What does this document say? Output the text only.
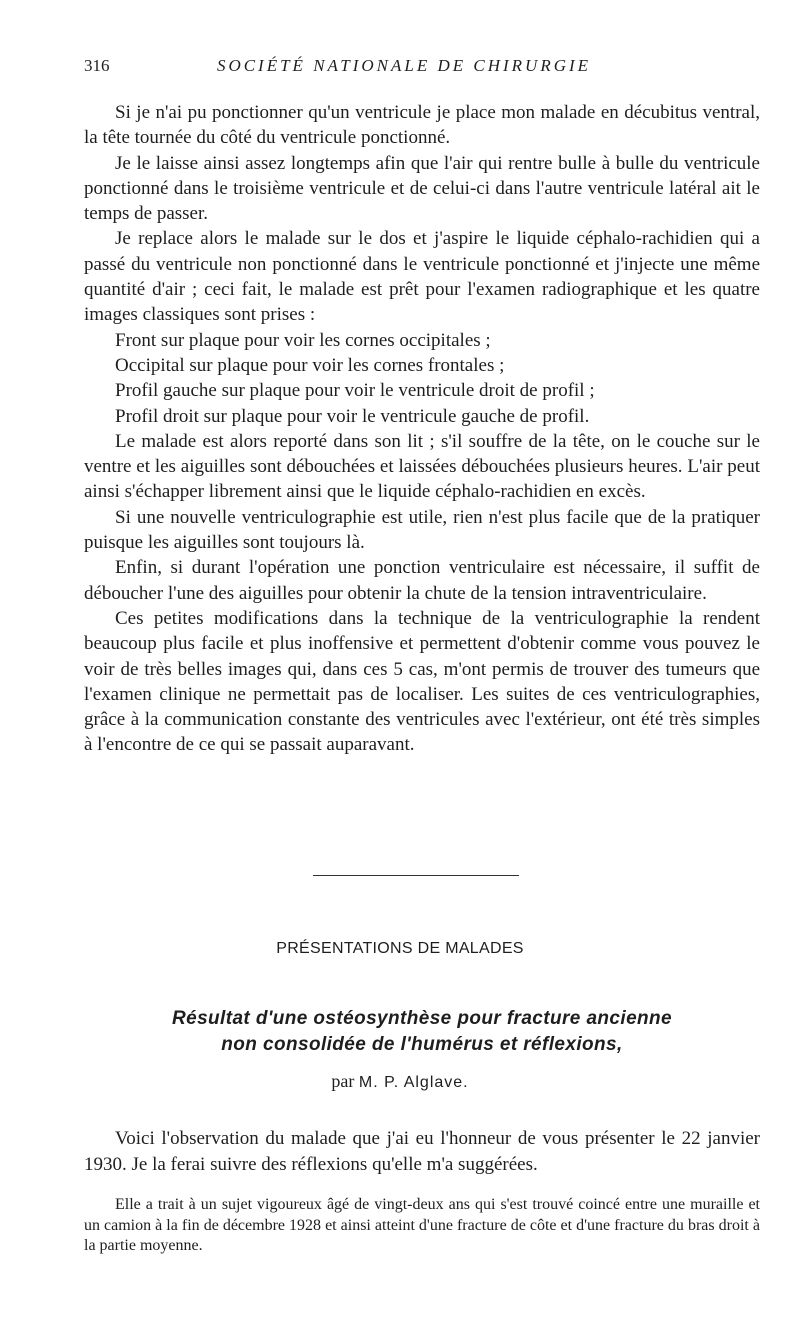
316	SOCIÉTÉ NATIONALE DE CHIRURGIE

Si je n'ai pu ponctionner qu'un ventricule je place mon malade en décubitus ventral, la tête tournée du côté du ventricule ponctionné.

Je le laisse ainsi assez longtemps afin que l'air qui rentre bulle à bulle du ventricule ponctionné dans le troisième ventricule et de celui-ci dans l'autre ventricule latéral ait le temps de passer.

Je replace alors le malade sur le dos et j'aspire le liquide céphalo-rachidien qui a passé du ventricule non ponctionné dans le ventricule ponctionné et j'injecte une même quantité d'air ; ceci fait, le malade est prêt pour l'examen radiographique et les quatre images classiques sont prises :

Front sur plaque pour voir les cornes occipitales ;

Occipital sur plaque pour voir les cornes frontales ;

Profil gauche sur plaque pour voir le ventricule droit de profil ;

Profil droit sur plaque pour voir le ventricule gauche de profil.

Le malade est alors reporté dans son lit ; s'il souffre de la tête, on le couche sur le ventre et les aiguilles sont débouchées et laissées débouchées plusieurs heures. L'air peut ainsi s'échapper librement ainsi que le liquide céphalo-rachidien en excès.

Si une nouvelle ventriculographie est utile, rien n'est plus facile que de la pratiquer puisque les aiguilles sont toujours là.

Enfin, si durant l'opération une ponction ventriculaire est nécessaire, il suffit de déboucher l'une des aiguilles pour obtenir la chute de la tension intraventriculaire.

Ces petites modifications dans la technique de la ventriculographie la rendent beaucoup plus facile et plus inoffensive et permettent d'obtenir comme vous pouvez le voir de très belles images qui, dans ces 5 cas, m'ont permis de trouver des tumeurs que l'examen clinique ne permettait pas de localiser. Les suites de ces ventriculographies, grâce à la communication constante des ventricules avec l'extérieur, ont été très simples à l'encontre de ce qui se passait auparavant.

PRÉSENTATIONS DE MALADES
Résultat d'une ostéosynthèse pour fracture ancienne
non consolidée de l'humérus et réflexions,
par M. P. Alglave.

Voici l'observation du malade que j'ai eu l'honneur de vous présenter le 22 janvier 1930. Je la ferai suivre des réflexions qu'elle m'a suggérées.

Elle a trait à un sujet vigoureux âgé de vingt-deux ans qui s'est trouvé coincé entre une muraille et un camion à la fin de décembre 1928 et ainsi atteint d'une fracture de côte et d'une fracture du bras droit à la partie moyenne.
